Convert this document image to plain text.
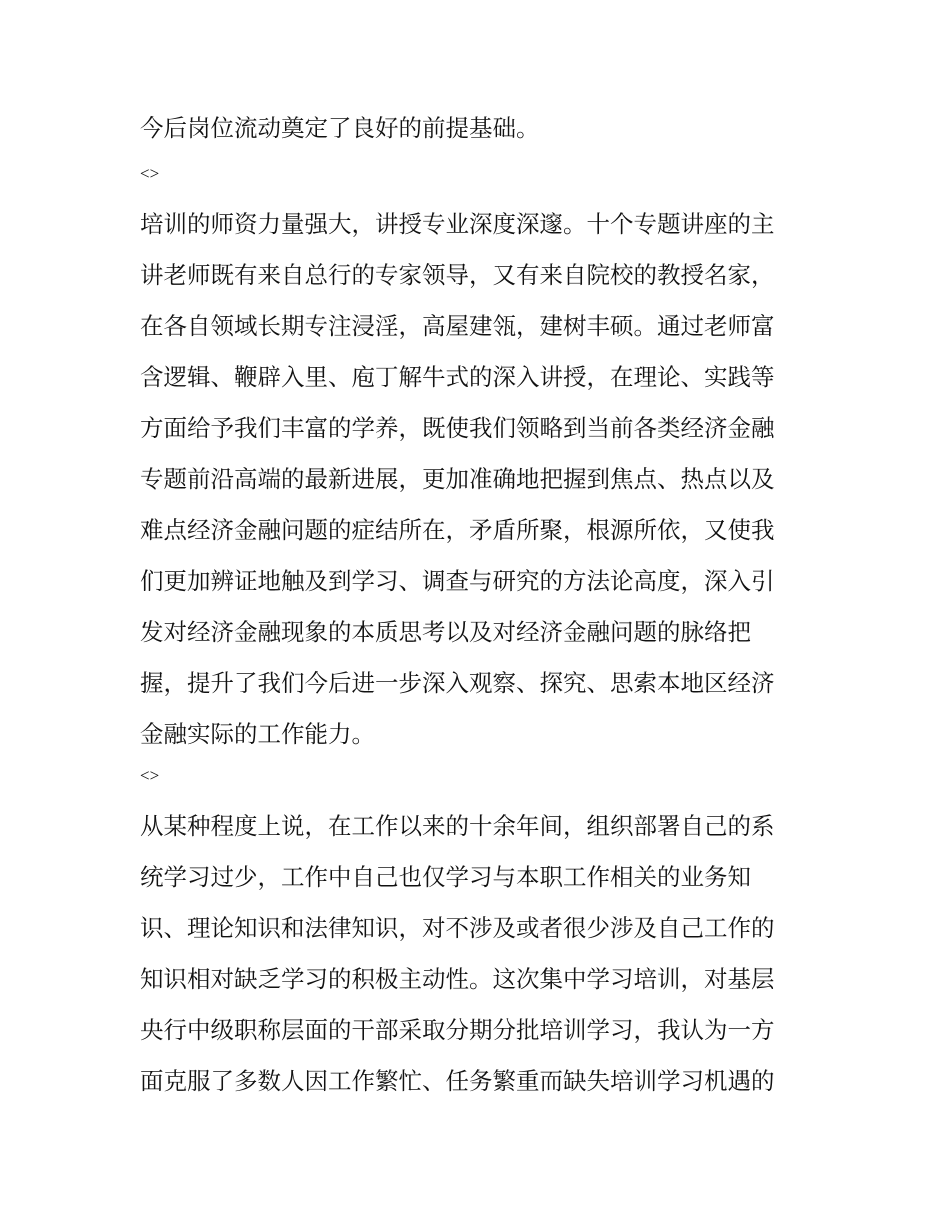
今后岗位流动奠定了良好的前提基础。
<>
培训的师资力量强大，讲授专业深度深邃。十个专题讲座的主
讲老师既有来自总行的专家领导，又有来自院校的教授名家，
在各自领域长期专注浸淫，高屋建瓴，建树丰硕。通过老师富
含逻辑、鞭辟入里、庖丁解牛式的深入讲授，在理论、实践等
方面给予我们丰富的学养，既使我们领略到当前各类经济金融
专题前沿高端的最新进展，更加准确地把握到焦点、热点以及
难点经济金融问题的症结所在，矛盾所聚，根源所依，又使我
们更加辨证地触及到学习、调查与研究的方法论高度，深入引
发对经济金融现象的本质思考以及对经济金融问题的脉络把
握，提升了我们今后进一步深入观察、探究、思索本地区经济
金融实际的工作能力。
<>
从某种程度上说，在工作以来的十余年间，组织部署自己的系
统学习过少，工作中自己也仅学习与本职工作相关的业务知
识、理论知识和法律知识，对不涉及或者很少涉及自己工作的
知识相对缺乏学习的积极主动性。这次集中学习培训，对基层
央行中级职称层面的干部采取分期分批培训学习，我认为一方
面克服了多数人因工作繁忙、任务繁重而缺失培训学习机遇的
